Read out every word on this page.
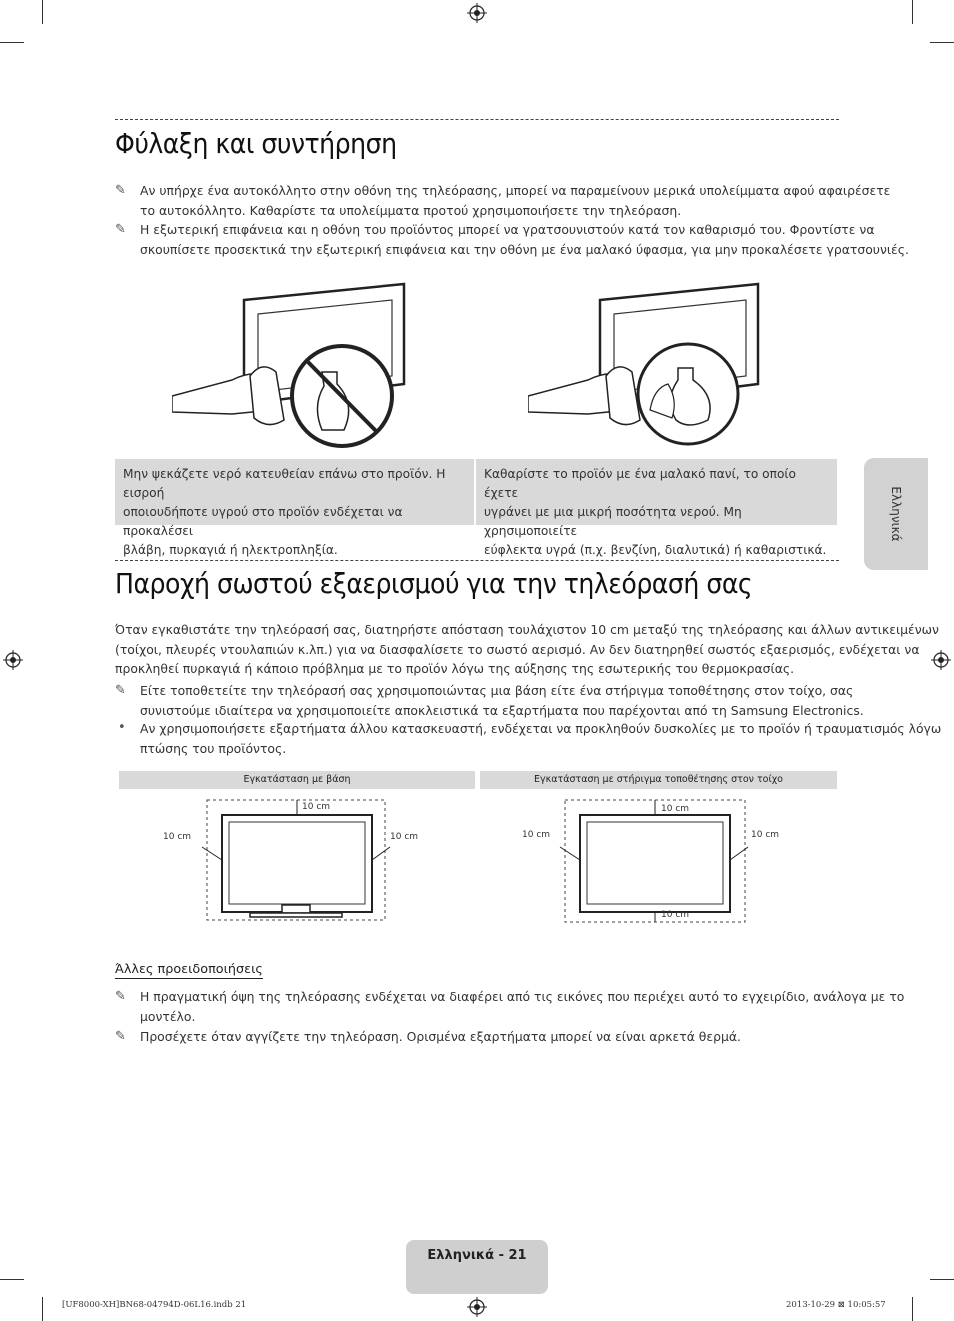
Φύλαξη και συντήρηση
✎ Αν υπήρχε ένα αυτοκόλλητο στην οθόνη της τηλεόρασης, μπορεί να παραμείνουν μερικά υπολείμματα αφού αφαιρέσετε
το αυτοκόλλητο. Καθαρίστε τα υπολείμματα προτού χρησιμοποιήσετε την τηλεόραση.
✎ Η εξωτερική επιφάνεια και η οθόνη του προϊόντος μπορεί να γρατσουνιστούν κατά τον καθαρισμό του. Φροντίστε να
σκουπίσετε προσεκτικά την εξωτερική επιφάνεια και την οθόνη με ένα μαλακό ύφασμα, για μην προκαλέσετε γρατσουνιές.
Μην ψεκάζετε νερό κατευθείαν επάνω στο προϊόν. Η εισροή
οποιουδήποτε υγρού στο προϊόν ενδέχεται να προκαλέσει
βλάβη, πυρκαγιά ή ηλεκτροπληξία.
Καθαρίστε το προϊόν με ένα μαλακό πανί, το οποίο έχετε
υγράνει με μια μικρή ποσότητα νερού. Μη χρησιμοποιείτε
εύφλεκτα υγρά (π.χ. βενζίνη, διαλυτικά) ή καθαριστικά.
Παροχή σωστού εξαερισμού για την τηλεόρασή σας
Όταν εγκαθιστάτε την τηλεόρασή σας, διατηρήστε απόσταση τουλάχιστον 10 cm μεταξύ της τηλεόρασης και άλλων αντικειμένων
(τοίχοι, πλευρές ντουλαπιών κ.λπ.) για να διασφαλίσετε το σωστό αερισμό. Αν δεν διατηρηθεί σωστός εξαερισμός, ενδέχεται να
προκληθεί πυρκαγιά ή κάποιο πρόβλημα με το προϊόν λόγω της αύξησης της εσωτερικής του θερμοκρασίας.
✎ Είτε τοποθετείτε την τηλεόρασή σας χρησιμοποιώντας μια βάση είτε ένα στήριγμα τοποθέτησης στον τοίχο, σας
συνιστούμε ιδιαίτερα να χρησιμοποιείτε αποκλειστικά τα εξαρτήματα που παρέχονται από τη Samsung Electronics.
• Αν χρησιμοποιήσετε εξαρτήματα άλλου κατασκευαστή, ενδέχεται να προκληθούν δυσκολίες με το προϊόν ή τραυματισμός λόγω
πτώσης του προϊόντος.
Εγκατάσταση με βάση	Εγκατάσταση με στήριγμα τοποθέτησης στον τοίχο
10 cm
10 cm	10 cm
10 cm
10 cm	10 cm
10 cm
Άλλες προειδοποιήσεις
✎ Η πραγματική όψη της τηλεόρασης ενδέχεται να διαφέρει από τις εικόνες που περιέχει αυτό το εγχειρίδιο, ανάλογα με το
μοντέλο.
✎ Προσέχετε όταν αγγίζετε την τηλεόραση. Ορισμένα εξαρτήματα μπορεί να είναι αρκετά θερμά.
Ελληνικά
Ελληνικά - 21
[UF8000-XH]BN68-04794D-06L16.indb 21	2013-10-29 ⊠ 10:05:57
